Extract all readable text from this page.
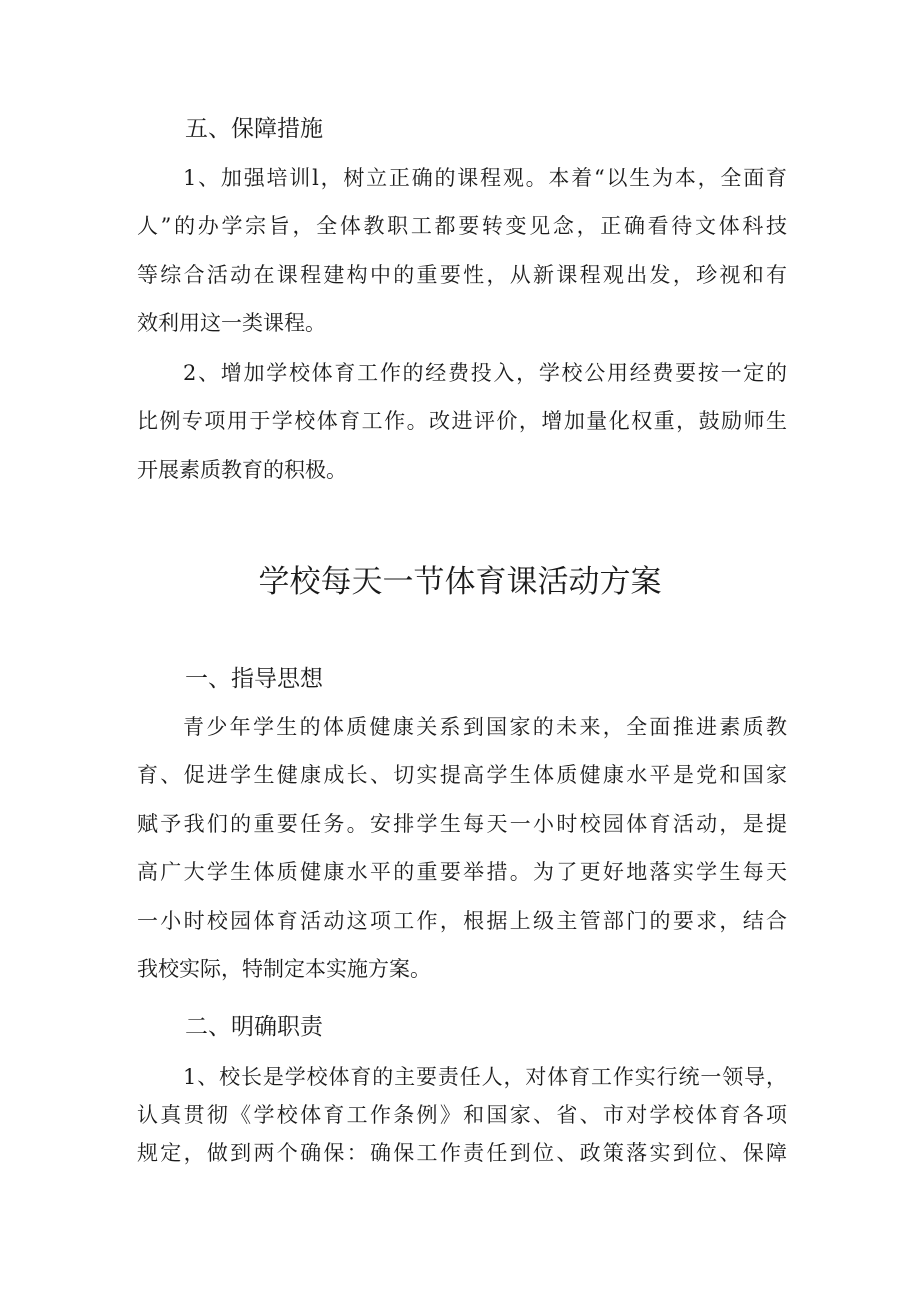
五、保障措施
1、加强培训l，树立正确的课程观。本着“以生为本，全面育
人”的办学宗旨，全体教职工都要转变见念，正确看待文体科技
等综合活动在课程建构中的重要性，从新课程观出发，珍视和有
效利用这一类课程。
2、增加学校体育工作的经费投入，学校公用经费要按一定的
比例专项用于学校体育工作。改进评价，增加量化权重，鼓励师生
开展素质教育的积极。
学校每天一节体育课活动方案
一、指导思想
青少年学生的体质健康关系到国家的未来，全面推进素质教
育、促进学生健康成长、切实提高学生体质健康水平是党和国家
赋予我们的重要任务。安排学生每天一小时校园体育活动，是提
高广大学生体质健康水平的重要举措。为了更好地落实学生每天
一小时校园体育活动这项工作，根据上级主管部门的要求，结合
我校实际，特制定本实施方案。
二、明确职责
1、校长是学校体育的主要责任人，对体育工作实行统一领导，
认真贯彻《学校体育工作条例》和国家、省、市对学校体育各项
规定，做到两个确保：确保工作责任到位、政策落实到位、保障
